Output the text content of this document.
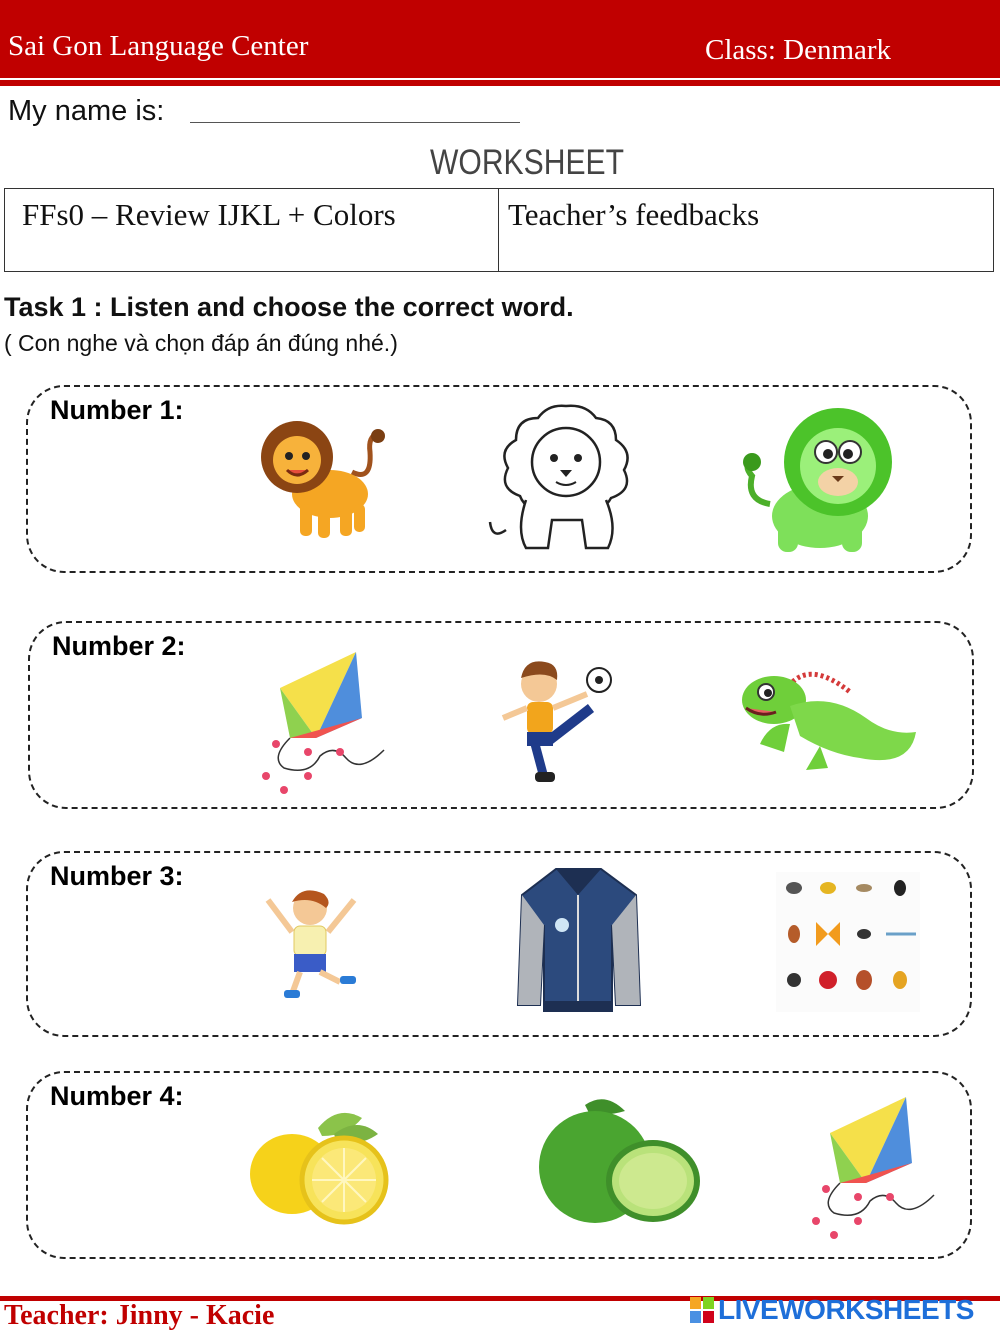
Sai Gon Language Center	Class: Denmark
My name is:
WORKSHEET
FFs0 – Review IJKL + Colors	Teacher’s feedbacks
Task 1 : Listen and choose the correct word.
( Con nghe và chọn đáp án đúng nhé.)
Number 1:
Number 2:
Number 3:
Number 4:
Teacher: Jinny - Kacie	LIVEWORKSHEETS
